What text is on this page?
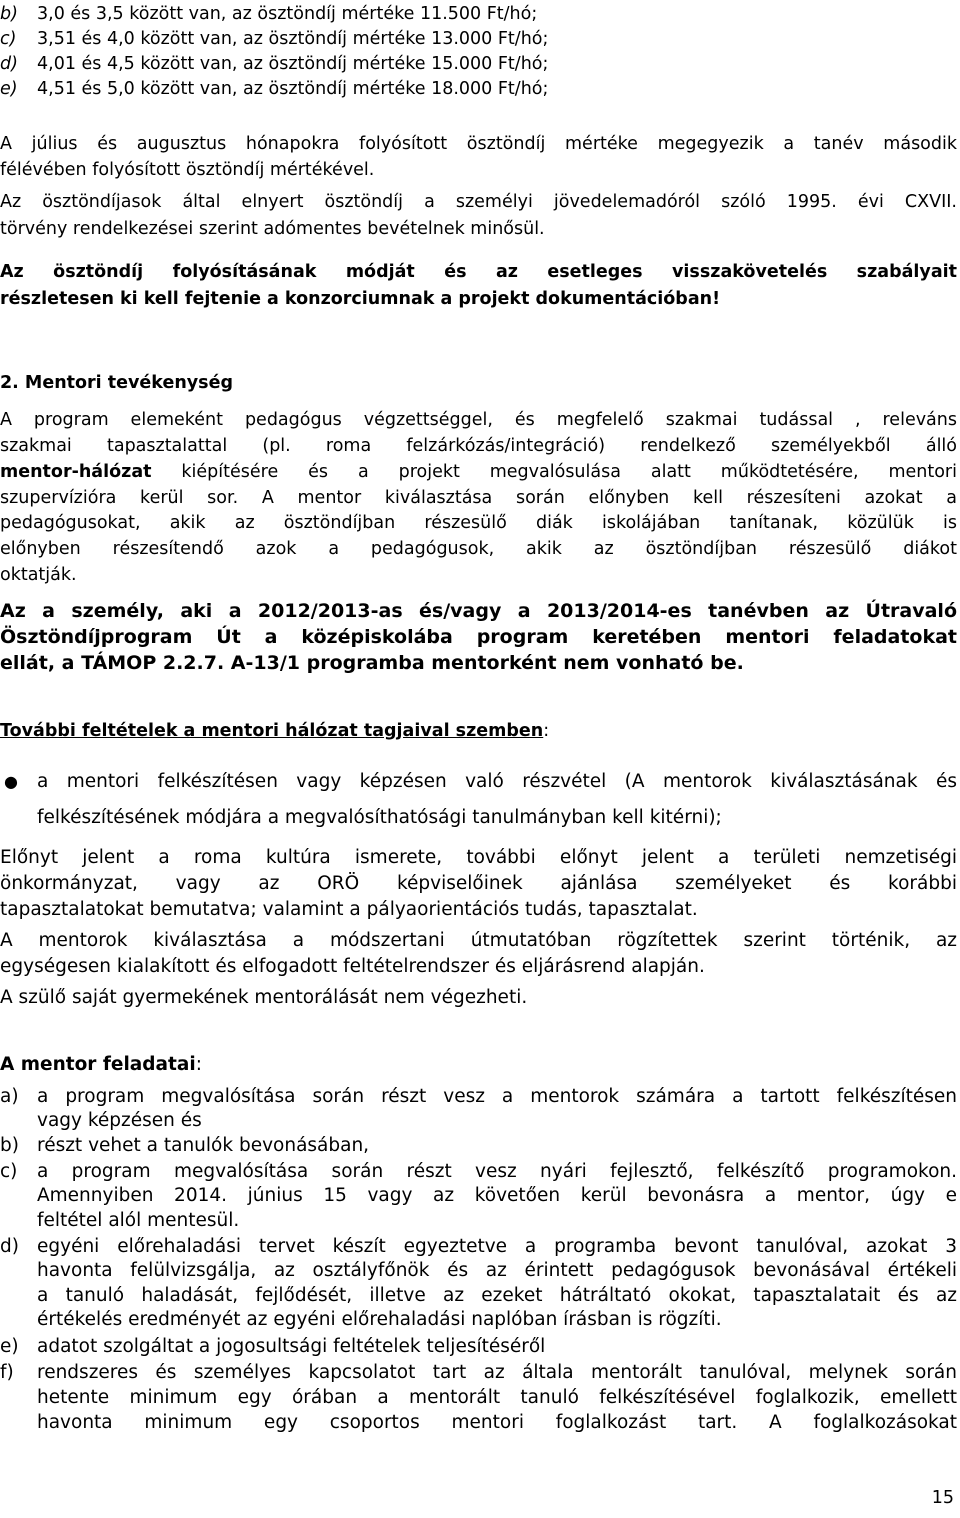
b) 3,0 és 3,5 között van, az ösztöndíj mértéke 11.500 Ft/hó;
c) 3,51 és 4,0 között van, az ösztöndíj mértéke 13.000 Ft/hó;
d) 4,01 és 4,5 között van, az ösztöndíj mértéke 15.000 Ft/hó;
e) 4,51 és 5,0 között van, az ösztöndíj mértéke 18.000 Ft/hó;
A július és augusztus hónapokra folyósított ösztöndíj mértéke megegyezik a tanév második
félévében folyósított ösztöndíj mértékével.
Az ösztöndíjasok által elnyert ösztöndíj a személyi jövedelemadóról szóló 1995. évi CXVII.
törvény rendelkezései szerint adómentes bevételnek minősül.
Az ösztöndíj folyósításának módját és az esetleges visszakövetelés szabályait
részletesen ki kell fejtenie a konzorciumnak a projekt dokumentációban!
2. Mentori tevékenység
A program elemeként pedagógus végzettséggel, és megfelelő szakmai tudással , releváns
szakmai tapasztalattal (pl. roma felzárkózás/integráció) rendelkező személyekből álló
mentor-hálózat kiépítésére és a projekt megvalósulása alatt működtetésére, mentori
szupervízióra kerül sor. A mentor kiválasztása során előnyben kell részesíteni azokat a
pedagógusokat, akik az ösztöndíjban részesülő diák iskolájában tanítanak, közülük is
előnyben részesítendő azok a pedagógusok, akik az ösztöndíjban részesülő diákot
oktatják.
Az a személy, aki a 2012/2013-as és/vagy a 2013/2014-es tanévben az Útravaló
Ösztöndíjprogram Út a középiskolába program keretében mentori feladatokat
ellát, a TÁMOP 2.2.7. A-13/1 programba mentorként nem vonható be.
További feltételek a mentori hálózat tagjaival szemben:
● a mentori felkészítésen vagy képzésen való részvétel (A mentorok kiválasztásának és
felkészítésének módjára a megvalósíthatósági tanulmányban kell kitérni);
Előnyt jelent a roma kultúra ismerete, további előnyt jelent a területi nemzetiségi
önkormányzat, vagy az ORÖ képviselőinek ajánlása személyeket és korábbi
tapasztalatokat bemutatva; valamint a pályaorientációs tudás, tapasztalat.
A mentorok kiválasztása a módszertani útmutatóban rögzítettek szerint történik, az
egységesen kialakított és elfogadott feltételrendszer és eljárásrend alapján.
A szülő saját gyermekének mentorálását nem végezheti.
A mentor feladatai:
a) a program megvalósítása során részt vesz a mentorok számára a tartott felkészítésen
vagy képzésen és
b) részt vehet a tanulók bevonásában,
c) a program megvalósítása során részt vesz nyári fejlesztő, felkészítő programokon.
Amennyiben 2014. június 15 vagy az követően kerül bevonásra a mentor, úgy e
feltétel alól mentesül.
d) egyéni előrehaladási tervet készít egyeztetve a programba bevont tanulóval, azokat 3
havonta felülvizsgálja, az osztályfőnök és az érintett pedagógusok bevonásával értékeli
a tanuló haladását, fejlődését, illetve az ezeket hátráltató okokat, tapasztalatait és az
értékelés eredményét az egyéni előrehaladási naplóban írásban is rögzíti.
e) adatot szolgáltat a jogosultsági feltételek teljesítéséről
f) rendszeres és személyes kapcsolatot tart az általa mentorált tanulóval, melynek során
hetente minimum egy órában a mentorált tanuló felkészítésével foglalkozik, emellett
havonta minimum egy csoportos mentori foglalkozást tart. A foglalkozásokat
15
